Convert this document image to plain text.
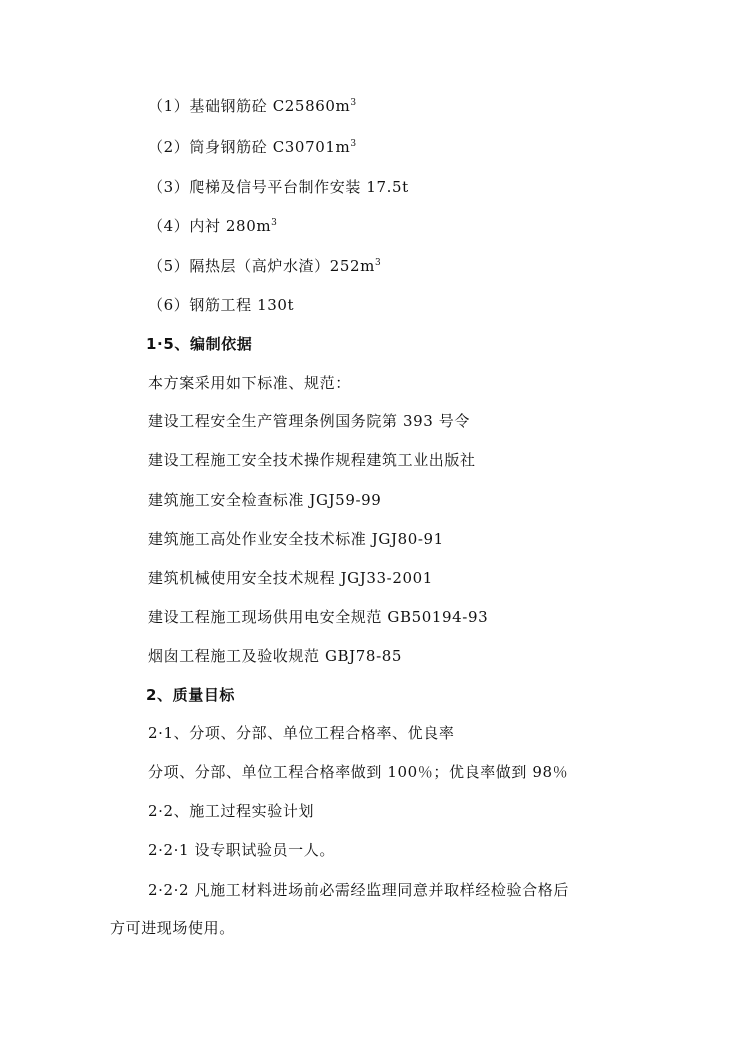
（1）基础钢筋砼 $C25860m^3$
（2）筒身钢筋砼 $C30701m^3$
（3）爬梯及信号平台制作安装 17.5t
（4）内衬 $280m^3$
（5）隔热层（高炉水渣）$252m^3$
（6）钢筋工程 130t
1·5、编制依据
本方案采用如下标准、规范：
建设工程安全生产管理条例国务院第 393 号令
建设工程施工安全技术操作规程建筑工业出版社
建筑施工安全检查标准 JGJ59-99
建筑施工高处作业安全技术标准 JGJ80-91
建筑机械使用安全技术规程 JGJ33-2001
建设工程施工现场供用电安全规范 GB50194-93
烟囱工程施工及验收规范 GBJ78-85
2、质量目标
2·1、分项、分部、单位工程合格率、优良率
分项、分部、单位工程合格率做到 100％；优良率做到 98％
2·2、施工过程实验计划
2·2·1 设专职试验员一人。
2·2·2 凡施工材料进场前必需经监理同意并取样经检验合格后
方可进现场使用。
